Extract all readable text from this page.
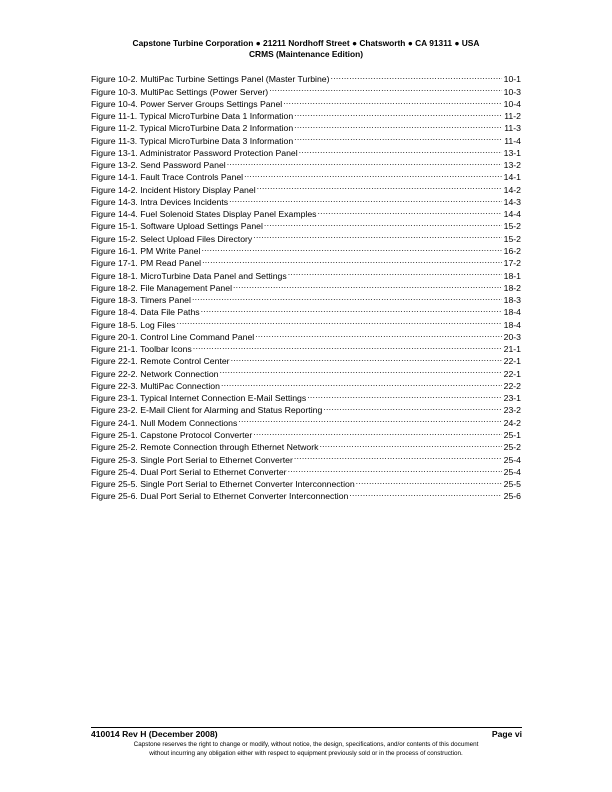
Capstone Turbine Corporation ● 21211 Nordhoff Street ● Chatsworth ● CA 91311 ● USA
CRMS (Maintenance Edition)
Figure 10-2. MultiPac Turbine Settings Panel (Master Turbine) .....	10-1
Figure 10-3. MultiPac Settings (Power Server) .....	10-3
Figure 10-4. Power Server Groups Settings Panel .....	10-4
Figure 11-1. Typical MicroTurbine Data 1 Information .....	11-2
Figure 11-2. Typical MicroTurbine Data 2 Information .....	11-3
Figure 11-3. Typical MicroTurbine Data 3 Information .....	11-4
Figure 13-1. Administrator Password Protection Panel .....	13-1
Figure 13-2. Send Password Panel .....	13-2
Figure 14-1. Fault Trace Controls Panel .....	14-1
Figure 14-2. Incident History Display Panel .....	14-2
Figure 14-3. Intra Devices Incidents .....	14-3
Figure 14-4. Fuel Solenoid States Display Panel Examples .....	14-4
Figure 15-1. Software Upload Settings Panel .....	15-2
Figure 15-2. Select Upload Files Directory .....	15-2
Figure 16-1. PM Write Panel .....	16-2
Figure 17-1. PM Read Panel .....	17-2
Figure 18-1. MicroTurbine Data Panel and Settings .....	18-1
Figure 18-2. File Management Panel .....	18-2
Figure 18-3. Timers Panel .....	18-3
Figure 18-4. Data File Paths .....	18-4
Figure 18-5. Log Files .....	18-4
Figure 20-1. Control Line Command Panel .....	20-3
Figure 21-1. Toolbar Icons .....	21-1
Figure 22-1. Remote Control Center .....	22-1
Figure 22-2. Network Connection .....	22-1
Figure 22-3. MultiPac Connection .....	22-2
Figure 23-1. Typical Internet Connection E-Mail Settings .....	23-1
Figure 23-2. E-Mail Client for Alarming and Status Reporting .....	23-2
Figure 24-1. Null Modem Connections .....	24-2
Figure 25-1. Capstone Protocol Converter .....	25-1
Figure 25-2. Remote Connection through Ethernet Network .....	25-2
Figure 25-3. Single Port Serial to Ethernet Converter .....	25-4
Figure 25-4. Dual Port Serial to Ethernet Converter .....	25-4
Figure 25-5. Single Port Serial to Ethernet Converter Interconnection .....	25-5
Figure 25-6. Dual Port Serial to Ethernet Converter Interconnection .....	25-6
410014 Rev H (December 2008)	Page vi
Capstone reserves the right to change or modify, without notice, the design, specifications, and/or contents of this document
without incurring any obligation either with respect to equipment previously sold or in the process of construction.
